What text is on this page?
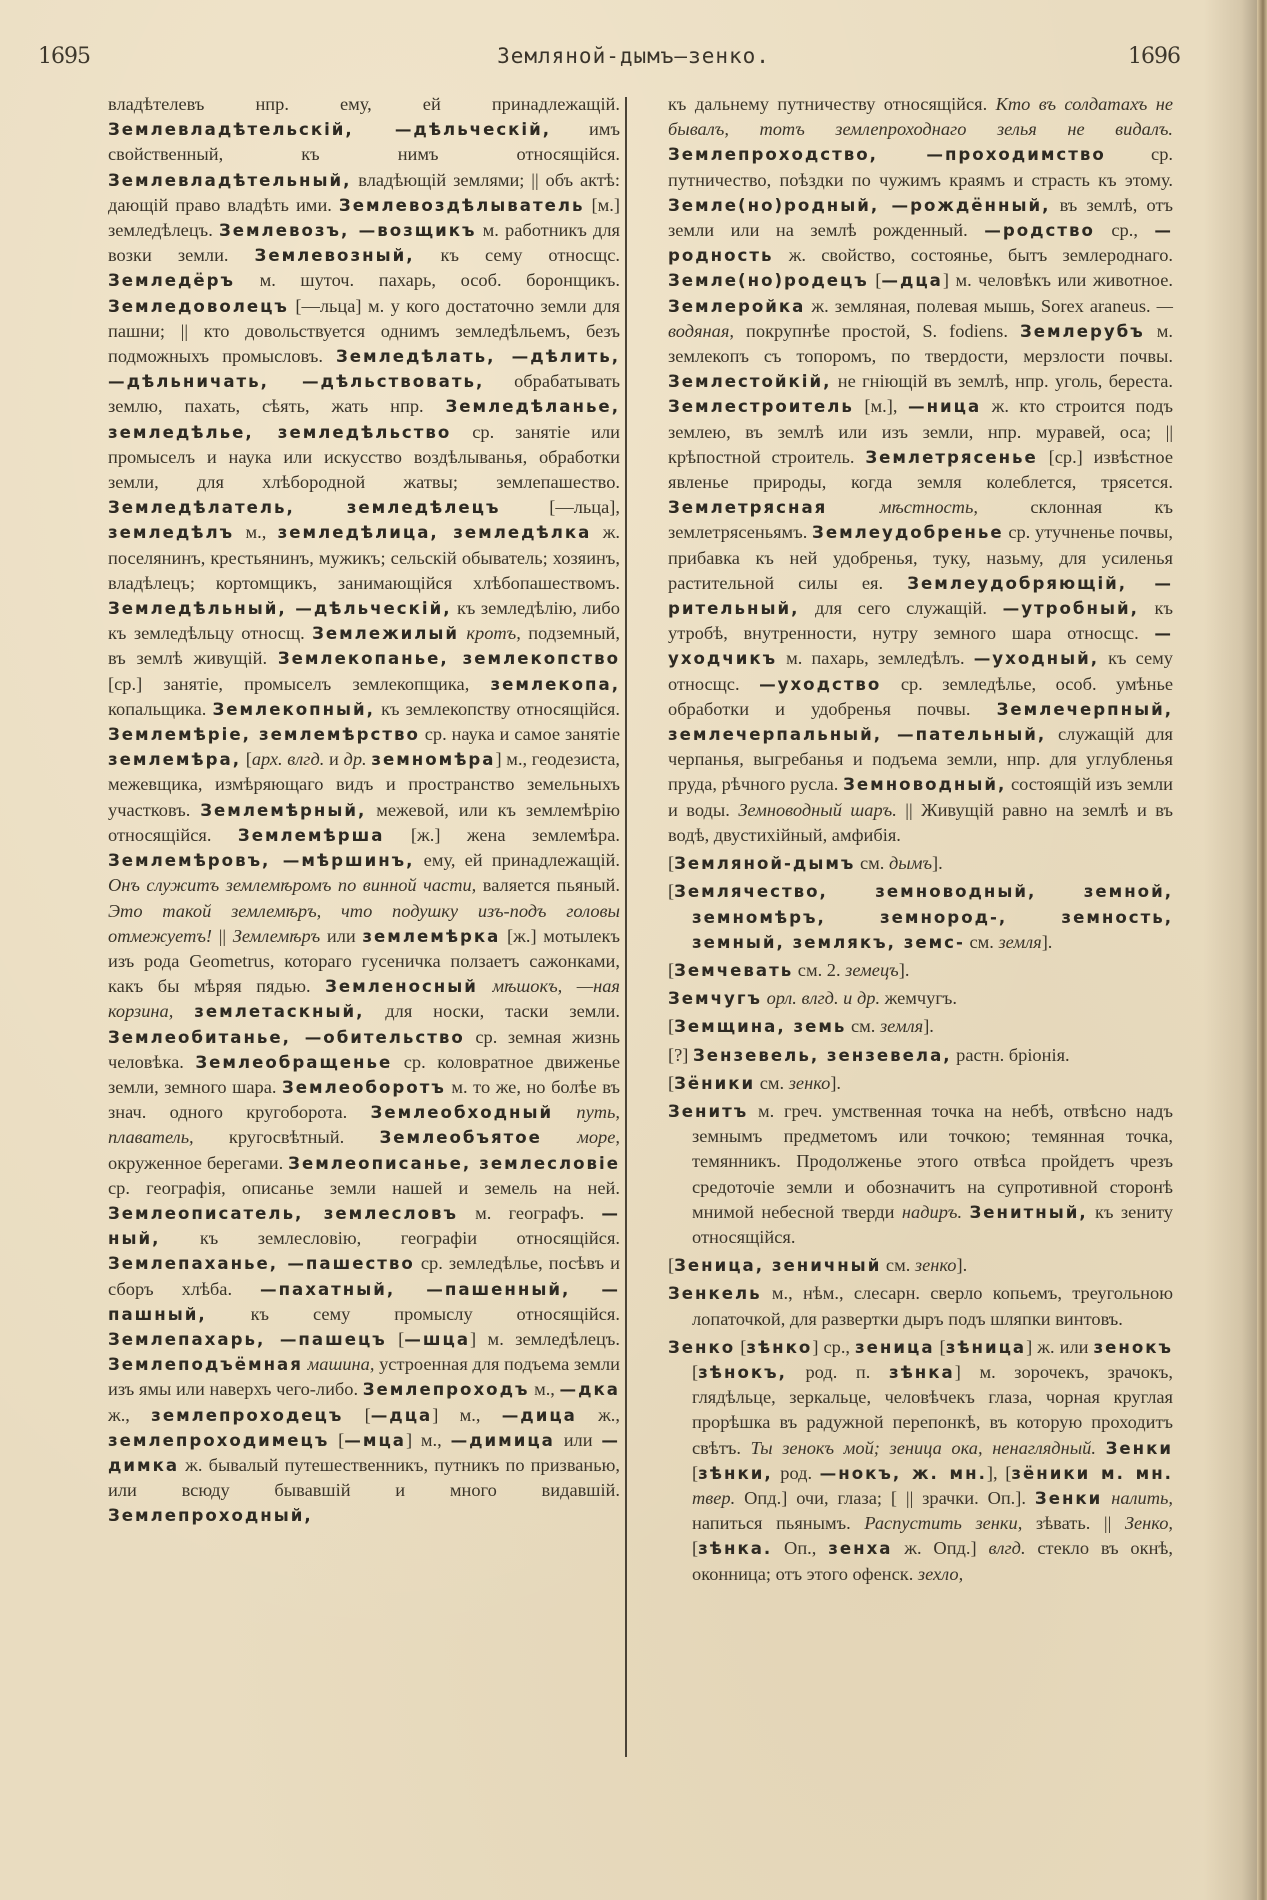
1695	Земляной-дымъ—зенко.	1696

владѣтелевъ нпр. ему, ей принадлежащій. Землевладѣтельскій, —дѣльческій, имъ свойственный, къ нимъ относящійся. Землевладѣтельный, владѣющій землями; || объ актѣ: дающій право владѣть ими. Землевоздѣлыватель [м.] земледѣлецъ. Землевозъ, —возщикъ м. работникъ для возки земли. Землевозный, къ сему относщс. Земледёръ м. шуточ. пахарь, особ. боронщикъ. Земледоволецъ [—льца] м. у кого достаточно земли для пашни; || кто довольствуется однимъ земледѣльемъ, безъ подможныхъ промысловъ. Земледѣлать, —дѣлить, —дѣльничать, —дѣльствовать, обрабатывать землю, пахать, сѣять, жать нпр. Земледѣланье, земледѣлье, земледѣльство ср. занятіе или промыселъ и наука или искусство воздѣлыванья, обработки земли, для хлѣбородной жатвы; землепашество. Земледѣлатель, земледѣлецъ [—льца], земледѣлъ м., земледѣлица, земледѣлка ж. поселянинъ, крестьянинъ, мужикъ; сельскій обыватель; хозяинъ, владѣлецъ; кортомщикъ, занимающійся хлѣбопашествомъ. Земледѣльный, —дѣльческій, къ земледѣлію, либо къ земледѣльцу относщ. Землежилый кротъ, подземный, въ землѣ живущій. Землекопанье, землекопство [ср.] занятіе, промыселъ землекопщика, землекопа, копальщика. Землекопный, къ землекопству относящійся. Землемѣріе, землемѣрство ср. наука и самое занятіе землемѣра, [арх. влгд. и др. земномѣра] м., геодезиста, межевщика, измѣряющаго видъ и пространство земельныхъ участковъ. Землемѣрный, межевой, или къ землемѣрію относящійся. Землемѣрша [ж.] жена землемѣра. Землемѣровъ, —мѣршинъ, ему, ей принадлежащій. Онъ служитъ землемѣромъ по винной части, валяется пьяный. Это такой землемѣръ, что подушку изъ-подъ головы отмежуетъ! || Землемѣръ или землемѣрка [ж.] мотылекъ изъ рода Geometrus, котораго гусеничка ползаетъ сажонками, какъ бы мѣряя пядью. Земленосный мѣшокъ, —ная корзина, землетаскный, для носки, таски земли. Землеобитанье, —обительство ср. земная жизнь человѣка. Землеобращенье ср. коловратное движенье земли, земного шара. Землеоборотъ м. то же, но болѣе въ знач. одного кругоборота. Землеобходный путь, плаватель, кругосвѣтный. Землеобъятое море, окруженное берегами. Землеописанье, землесловіе ср. географія, описанье земли нашей и земель на ней. Землеописатель, землесловъ м. географъ. —ный, къ землесловію, географіи относящійся. Землепаханье, —пашество ср. земледѣлье, посѣвъ и сборъ хлѣба. —пахатный, —пашенный, —пашный, къ сему промыслу относящійся. Землепахарь, —пашецъ [—шца] м. земледѣлецъ. Землеподъёмная машина, устроенная для подъема земли изъ ямы или наверхъ чего-либо. Землепроходъ м., —дка ж., землепроходецъ [—дца] м., —дица ж., землепроходимецъ [—мца] м., —димица или —димка ж. бывалый путешественникъ, путникъ по призванью, или всюду бывавшій и много видавшій. Землепроходный,

къ дальнему путничеству относящійся. Кто въ солдатахъ не бывалъ, тотъ землепроходнаго зелья не видалъ. Землепроходство, —проходимство ср. путничество, поѣздки по чужимъ краямъ и страсть къ этому. Земле(но)родный, —рождённый, въ землѣ, отъ земли или на землѣ рожденный. —родство ср., —родность ж. свойство, состоянье, бытъ землероднаго. Земле(но)родецъ [—дца] м. человѣкъ или животное. Землеройка ж. земляная, полевая мышь, Sorex araneus. —водяная, покрупнѣе простой, S. fodiens. Землерубъ м. землекопъ съ топоромъ, по твердости, мерзлости почвы. Землестойкій, не гніющій въ землѣ, нпр. уголь, береста. Землестроитель [м.], —ница ж. кто строится подъ землею, въ землѣ или изъ земли, нпр. муравей, оса; || крѣпостной строитель. Землетрясенье [ср.] извѣстное явленье природы, когда земля колеблется, трясется. Землетрясная	мѣстность, склонная къ землетрясеньямъ. Землеудобренье ср. утучненье почвы, прибавка къ ней удобренья, туку, назьму, для усиленья растительной силы ея. Землеудобряющій, —рительный, для сего служащій. —утробный, къ утробѣ, внутренности, нутру земного шара относщс. —уходчикъ м. пахарь, земледѣлъ. —уходный, къ сему относщс. —уходство ср. земледѣлье, особ. умѣнье обработки и удобренья почвы. Землечерпный, землечерпальный, —пательный, служащій для черпанья, выгребанья и подъема земли, нпр. для углубленья пруда, рѣчного русла. Земноводный, состоящій изъ земли и воды. Земноводный шаръ. || Живущій равно на землѣ и въ водѣ, двустихійный, амфибія.

[Земляной-дымъ см. дымъ].

[Землячество, земноводный, земной, земномѣръ, земнород-, земность, земный, землякъ, земс- см. земля].

[Земчевать см. 2. земецъ].

Земчугъ орл. влгд. и др. жемчугъ.

[Земщина, земь см. земля].

[?] Зензевель, зензевела, растн. бріонія.

[Зёники см. зенко].

Зенитъ м. греч. умственная точка на небѣ, отвѣсно надъ земнымъ предметомъ или точкою; темянная точка, темянникъ. Продолженье этого отвѣса пройдетъ чрезъ средоточіе земли и обозначитъ на супротивной сторонѣ мнимой небесной тверди надиръ. Зенитный, къ зениту относящійся.

[Зеница, зеничный см. зенко].

Зенкель м., нѣм., слесарн. сверло копьемъ, треугольною лопаточкой, для развертки дыръ подъ шляпки винтовъ.

Зенко [зѣнко] ср., зеница [зѣница] ж. или зенокъ [зѣнокъ, род. п. зѣнка] м. зорочекъ, зрачокъ, глядѣльце, зеркальце, человѣчекъ глаза, чорная круглая прорѣшка въ радужной перепонкѣ, въ которую проходитъ свѣтъ. Ты зенокъ мой; зеница ока, ненаглядный. Зенки [зѣнки, род. —нокъ, ж. мн.], [зёники м. мн. твер. Опд.] очи, глаза; [ || зрачки. Оп.]. Зенки налить, напиться пьянымъ. Распустить зенки, зѣвать. || Зенко, [зѣнка. Оп., зенха ж. Опд.] влгд. стекло въ окнѣ, оконница; отъ этого офенск. зехло,
